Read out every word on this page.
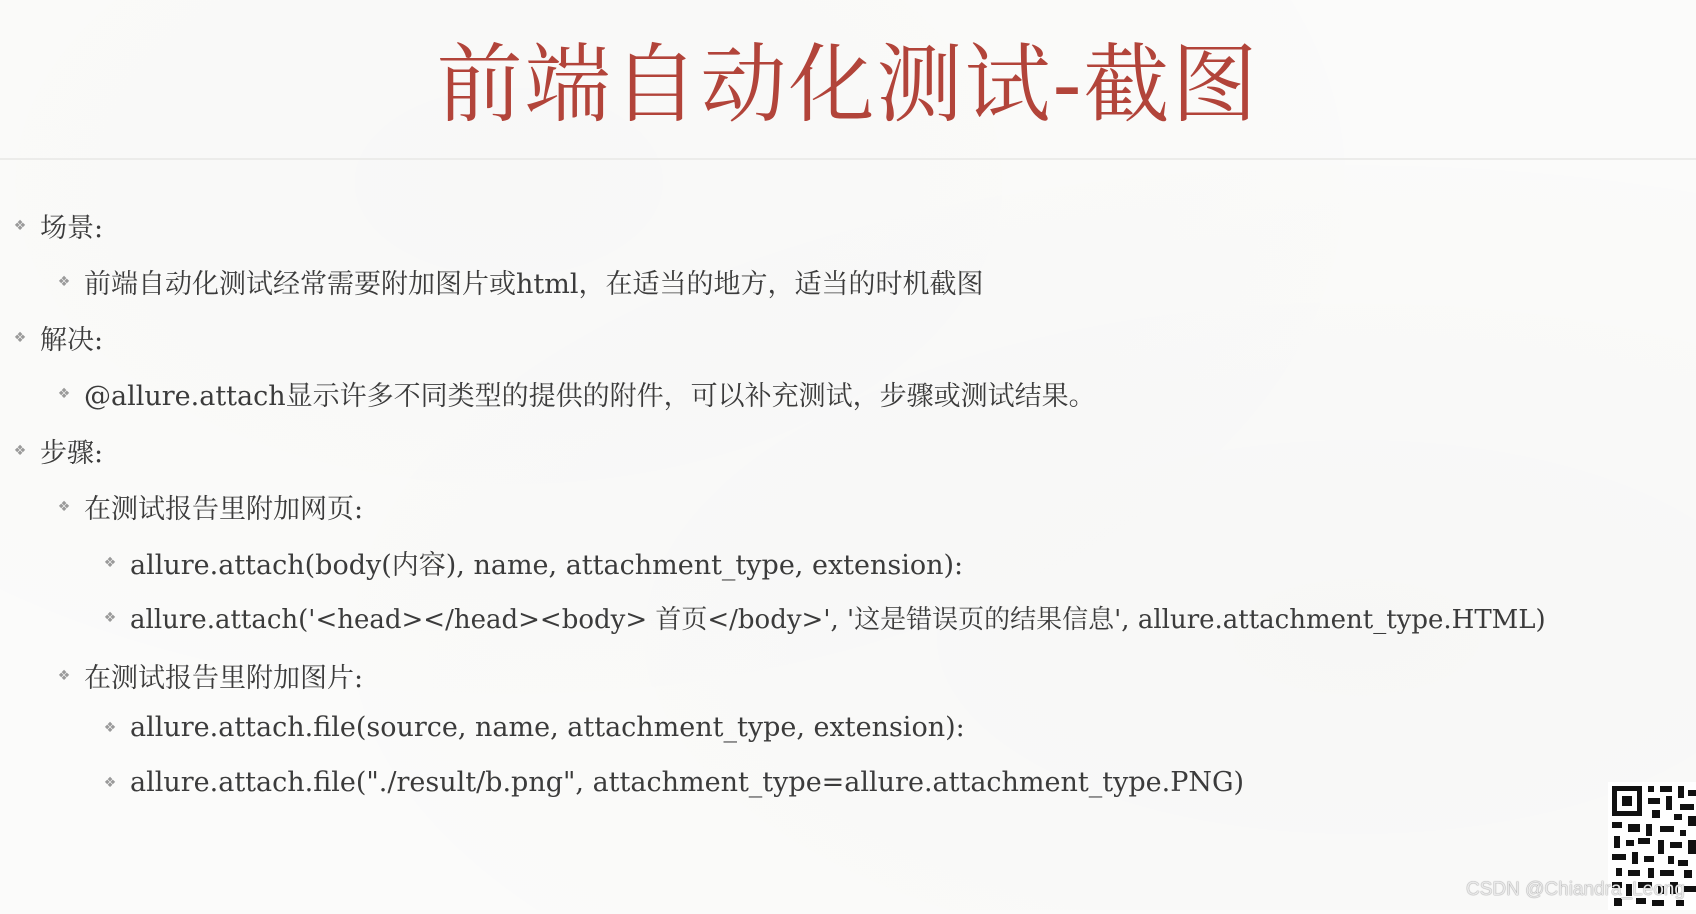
前端自动化测试-截图
❖ 场景:
❖ 前端自动化测试经常需要附加图片或html，在适当的地方，适当的时机截图
❖ 解决:
❖ @allure.attach显示许多不同类型的提供的附件，可以补充测试，步骤或测试结果。
❖ 步骤:
❖ 在测试报告里附加网页:
❖ allure.attach(body(内容), name, attachment_type, extension):
❖ allure.attach('<head></head><body> 首页</body>', '这是错误页的结果信息', allure.attachment_type.HTML)
❖ 在测试报告里附加图片:
❖ allure.attach.file(source, name, attachment_type, extension):
❖ allure.attach.file("./result/b.png", attachment_type=allure.attachment_type.PNG)
CSDN @Chiandra_Leong
